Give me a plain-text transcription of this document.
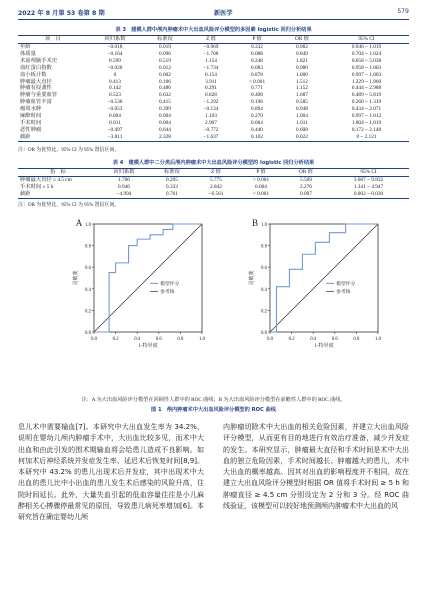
2022 年 8 月第 53 卷第 8 期	新医学	579
表 3　建模人群中颅内肿瘤术中大出血风险评分模型的多因素 logistic 回归分析结果
项　目	回归系数	标准误	Z 值	P 值	OR 值	95% CI
年龄	−0.018	0.019	−0.969	0.332	0.982	0.946 ~ 1.019
体质量	−0.164	0.096	−1.708	0.088	0.849	0.704 ~ 1.024
术前颅脑手术史	0.599	0.519	1.154	0.248	1.821	0.658 ~ 5.038
血红蛋白指数	−0.020	0.012	−1.734	0.083	0.980	0.958 ~ 1.003
血小板计数	0	0.002	0.154	0.878	1.000	0.997 ~ 1.003
肿瘤最大直径	0.413	0.106	3.911	< 0.001	1.512	1.229 ~ 1.860
肿瘤有侵袭性	0.142	0.486	0.291	0.771	1.152	0.444 ~ 2.988
肿瘤与重要血管	0.523	0.632	0.828	0.408	1.687	0.489 ~ 5.819
肿瘤血管丰富	−0.536	0.415	−1.292	0.196	0.585	0.260 ~ 1.319
瘤周水肿	−0.053	0.399	−0.134	0.894	0.948	0.434 ~ 2.071
麻醉时间	0.004	0.004	1.103	0.270	1.004	0.997 ~ 1.012
手术时间	0.011	0.004	2.907	0.004	1.011	1.004 ~ 1.019
恶性肿瘤	−0.497	0.644	−0.772	0.440	0.608	0.172 ~ 2.148
截距	−3.811	2.328	−1.637	0.102	0.022	0 ~ 2.121
注：OR 为优势比，95% CI 为 95% 置信区间。
表 4　建模人群中二分类后颅内肿瘤术中大出血风险评分模型的 logistic 回归分析结果
指　标	回归系数	标准误	Z 值	P 值	OR 值	95% CI
肿瘤最大直径 ≥ 4.5 cm	1.706	0.295	5.775	< 0.001	5.509	3.087 ~ 9.832
手术时间 ≥ 5 h	0.946	0.333	2.842	0.004	2.276	1.341 ~ 4.947
截距	−4.994	0.761	−6.561	< 0.001	0.007	0.002 ~ 0.030
注：OR 为优势比，95% CI 为 95% 置信区间。
A
0.0
0.0
0.2
0.2
0.4
0.4
0.6
0.6
0.8
0.8
1.0
1.0
灵敏度
1-特异度
模型评分
参考线
B
0.0
0.0
0.2
0.2
0.4
0.4
0.6
0.6
0.8
0.8
1.0
1.0
灵敏度
1-特异度
模型评分
参考线
注：A 为大出血风险评分模型在回顾性人群中的 ROC 曲线；B 为大出血风险评分模型在前瞻性人群中的 ROC 曲线。
图 1　颅内肿瘤术中大出血风险评分模型的 ROC 曲线

息儿术中需要输血[7]。本研究中大出血发生率为 34.2%，说明在婴幼儿颅内肿瘤手术中，大出血比较多见，而术中大出血和由此引发的围术期输血将会给患儿造成不良影响。如何加术后神经系统并发症发生率、延迟术后恢复时间[8,9]。本研究中 43.2% 的患儿出现术后并发症，其中出现术中大出血的患儿比中小出血的患儿发生术后感染的风险升高，住院时间延长。此外，大量失血引起的低血容量往往是小儿麻醉相关心搏骤停最常见的原因，导致患儿病死率增加[6]。本研究旨在确定婴幼儿颅

内肿瘤切除术中大出血的相关危险因素，并建立大出血风险评分模型，从而更有目的地进行有效治疗准备，减少并发症的发生。本研究显示，肿瘤最大直径和手术时间是术中大出血的独立危险因素，手术时间越长、肿瘤越大的患儿，术中大出血的概率越高。因其对出血的影响程度并不相同，故在建立大出血风险评分模型时根据 OR 值将手术时间 ≥ 5 h 和肿瘤直径 ≥ 4.5 cm 分别设定为 2 分和 3 分。经 ROC 曲线验证，该模型可以较好地预测颅内肿瘤术中大出血的风
